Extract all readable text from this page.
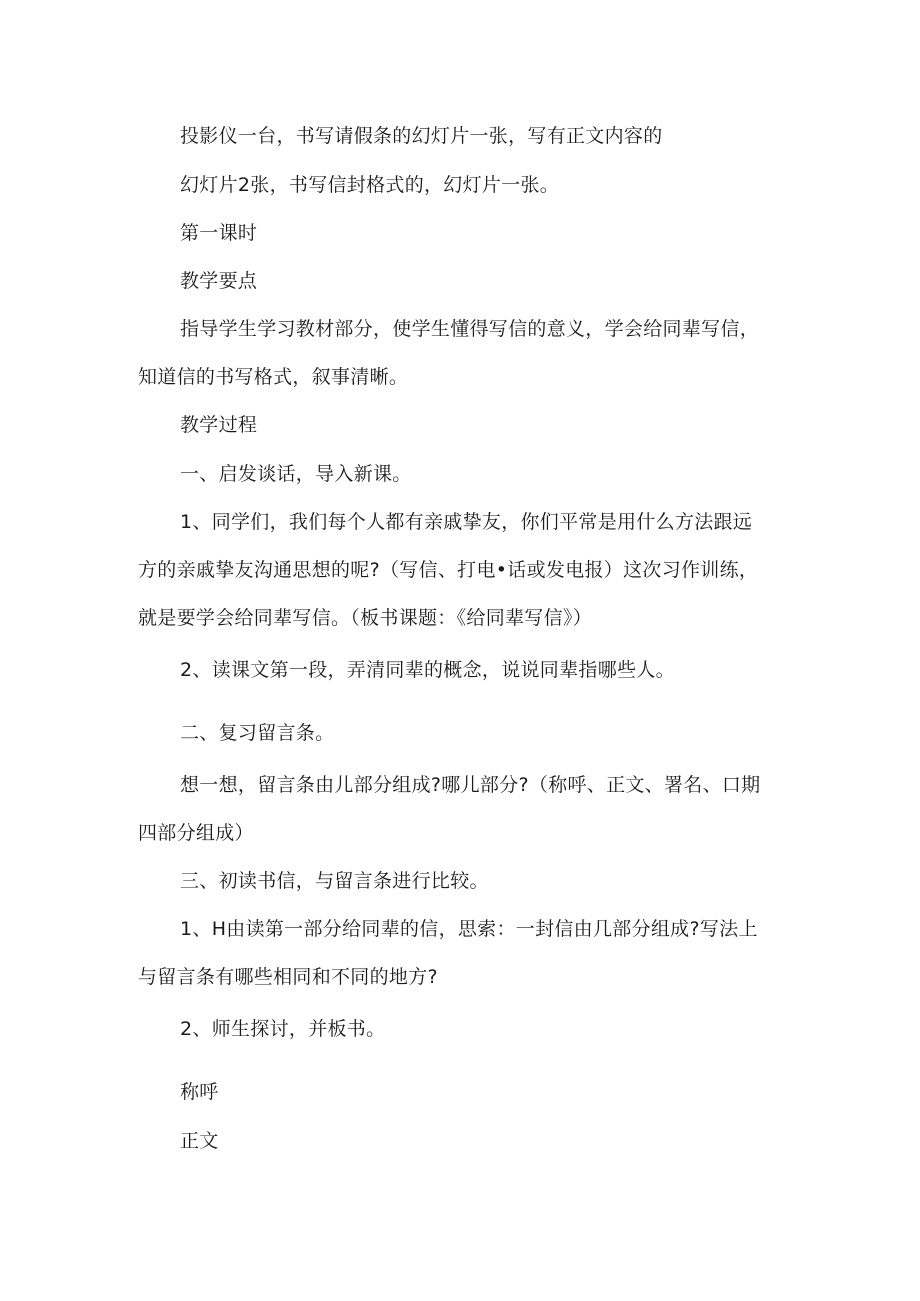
投影仪一台，书写请假条的幻灯片一张，写有正文内容的
幻灯片2张，书写信封格式的，幻灯片一张。
第一课时
教学要点
指导学生学习教材部分，使学生懂得写信的意义，学会给同辈写信，
知道信的书写格式，叙事清晰。
教学过程
一、启发谈话，导入新课。
1、同学们，我们每个人都有亲戚挚友，你们平常是用什么方法跟远
方的亲戚挚友沟通思想的呢?（写信、打电•话或发电报）这次习作训练，
就是要学会给同辈写信。（板书课题：《给同辈写信》）
2、读课文第一段，弄清同辈的概念，说说同辈指哪些人。
二、复习留言条。
想一想，留言条由儿部分组成?哪儿部分?（称呼、正文、署名、口期
四部分组成）
三、初读书信，与留言条进行比较。
1、H由读第一部分给同辈的信，思索：一封信由几部分组成?写法上
与留言条有哪些相同和不同的地方?
2、师生探讨，并板书。
称呼
正文
